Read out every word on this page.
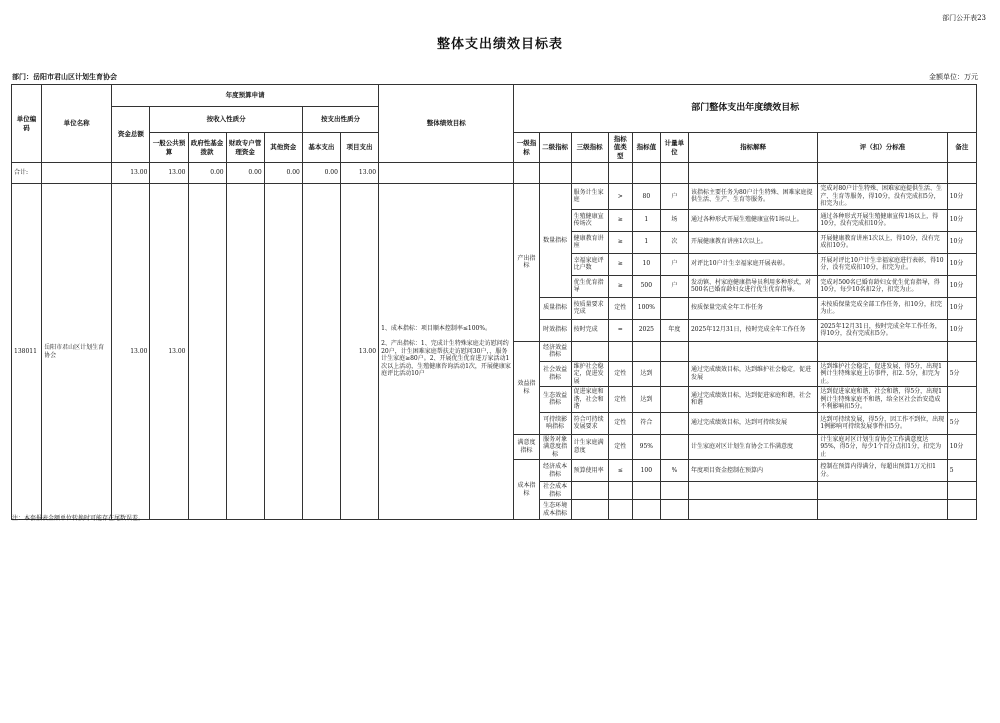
部门公开表23
整体支出绩效目标表
部门：岳阳市君山区计划生育协会	金额单位：万元
单位编码	单位名称	年度预算申请							整体绩效目标	部门整体支出年度绩效目标								
		资金总额	按收入性质分				按支出性质分											
			一般公共预算	政府性基金拨款	财政专户管理资金	其他资金	基本支出	项目支出		一级指标	二级指标	三级指标	指标值类型	指标值	计量单位	指标解释	评（扣）分标准	备注
合计:		13.00	13.00	0.00	0.00	0.00	0.00	13.00										
138011	岳阳市君山区计划生育协会	13.00	13.00					13.00	1、成本指标：项目顺本控制率≤100%。

2、产出指标：1、完成计生特殊家庭走访慰问约20户，计生困难家庭帮扶走访慰问30户，、服务计生家庭≥80户。2、开展优生优育进万家活动1次以上活动，生殖健康咨询活动1次，开展健康家庭评比活动10户	产出指标	数量指标	服务计生家庭	>	80	户	该指标主要任务为80户计生特殊、困难家庭提供生活、生产、生育等服务。	完成对80户计生特殊、困难家庭提供生活、生产、生育等服务，得10分，没有完成扣5分，扣完为止。	10分
												生殖健康宣传场次	≥	1	场	通过各种形式开展生殖健康宣传1场以上。	通过各种形式开展生殖健康宣传1场以上，得10分，没有完成扣10分。	10分
												健康教育讲座	≥	1	次	开展健康教育讲座1次以上。	开展健康教育讲座1次以上，得10分，没有完成扣10分。	10分
												幸福家庭评比户数	≥	10	户	对评比10户计生幸福家庭开展表彰。	开展对评比10户计生幸福家庭进行表彰，得10分，没有完成扣10分，扣完为止。	10分
												优生优育指导	≥	500	户	发动镇、村家庭健康指导员利用多种形式，对500名已婚育龄妇女进行优生优育指导。	完成对500名已婚育龄妇女优生优育指导，得10分，每少10名扣2分，扣完为止。	10分
											质量指标	按质量要求完成	定性	100%		按质保量完成全年工作任务	未按质保量完成全部工作任务，扣10分，扣完为止。	10分
											时效指标	按时完成	=	2025	年度	2025年12月31日，按时完成全年工作任务	2025年12月31日，按时完成全年工作任务，得10分，没有完成扣5分。	10分
										效益指标	经济效益指标							
											社会效益指标	维护社会稳定，促进发展	定性	达到		通过完成绩效目标，达到维护社会稳定，促进发展	达到维护社会稳定，促进发展，得5分，出现1例计生特殊家庭上访事件，扣2. 5分，扣完为止。	5分
											生态效益指标	促进家庭和谐，社会和谐	定性	达到		通过完成绩效目标，达到促进家庭和谐，社会和谐	达到促进家庭和谐，社会和谐，得5分，出现1例计生特殊家庭不和谐，给全区社会治安造成不利影响扣5分。	
											可持续影响指标	符合可持续发展要求	定性	符合		通过完成绩效目标，达到可持续发展	达到可持续发展，得5分，因工作不到位，出现1例影响可持续发展事件扣5分。	5分
										满意度指标	服务对象满意度指标	计生家庭满意度	定性	95%		计生家庭对区计划生育协会工作满意度	计生家庭对区计划生育协会工作满意度达95%，得5分，每少1个百分点扣1分，扣完为止	10分
										成本指标	经济成本指标	预算使用率	≤	100	%	年度项目资金控制在预算内	控制在预算内得满分，每超出预算1万元扣1分。	5
											社会成本指标							
											生态环境成本指标							
注：本套报表金额单位转换时可能存在尾数误差。
